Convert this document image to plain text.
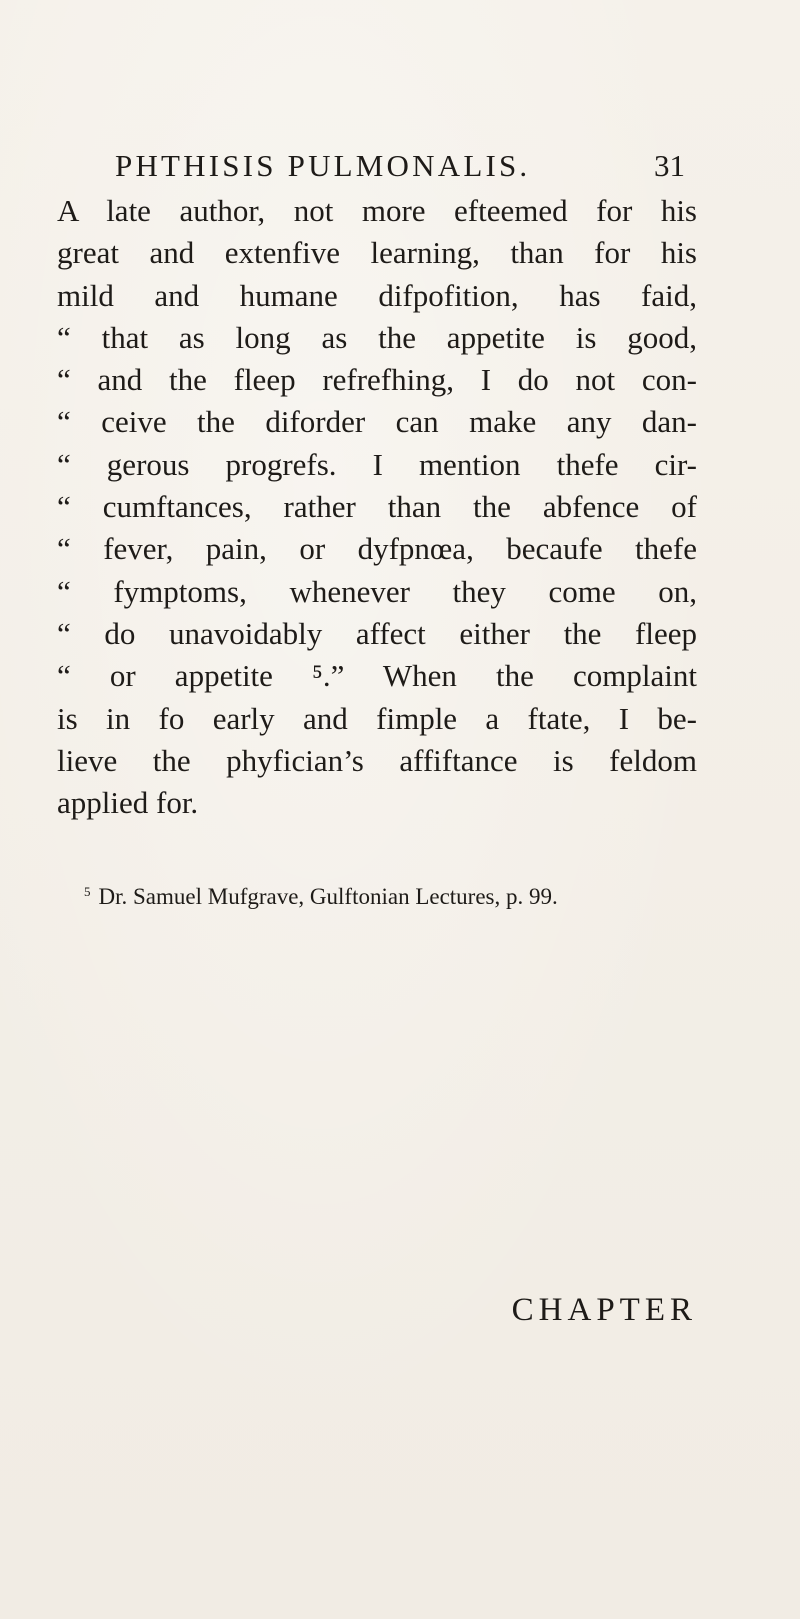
PHTHISIS PULMONALIS.	31
A late author, not more efteemed for his
great and extenfive learning, than for his
mild and humane difpofition, has faid,
“ that as long as the appetite is good,
“ and the fleep refrefhing, I do not con-
“ ceive the diforder can make any dan-
“ gerous progrefs. I mention thefe cir-
“ cumftances, rather than the abfence of
“ fever, pain, or dyfpnœa, becaufe thefe
“ fymptoms, whenever they come on,
“ do unavoidably affect either the fleep
“ or appetite ⁵.” When the complaint
is in fo early and fimple a ftate, I be-
lieve the phyfician’s affiftance is feldom
applied for.
$^5$ Dr. Samuel Mufgrave, Gulftonian Lectures, p. 99.
CHAPTER
